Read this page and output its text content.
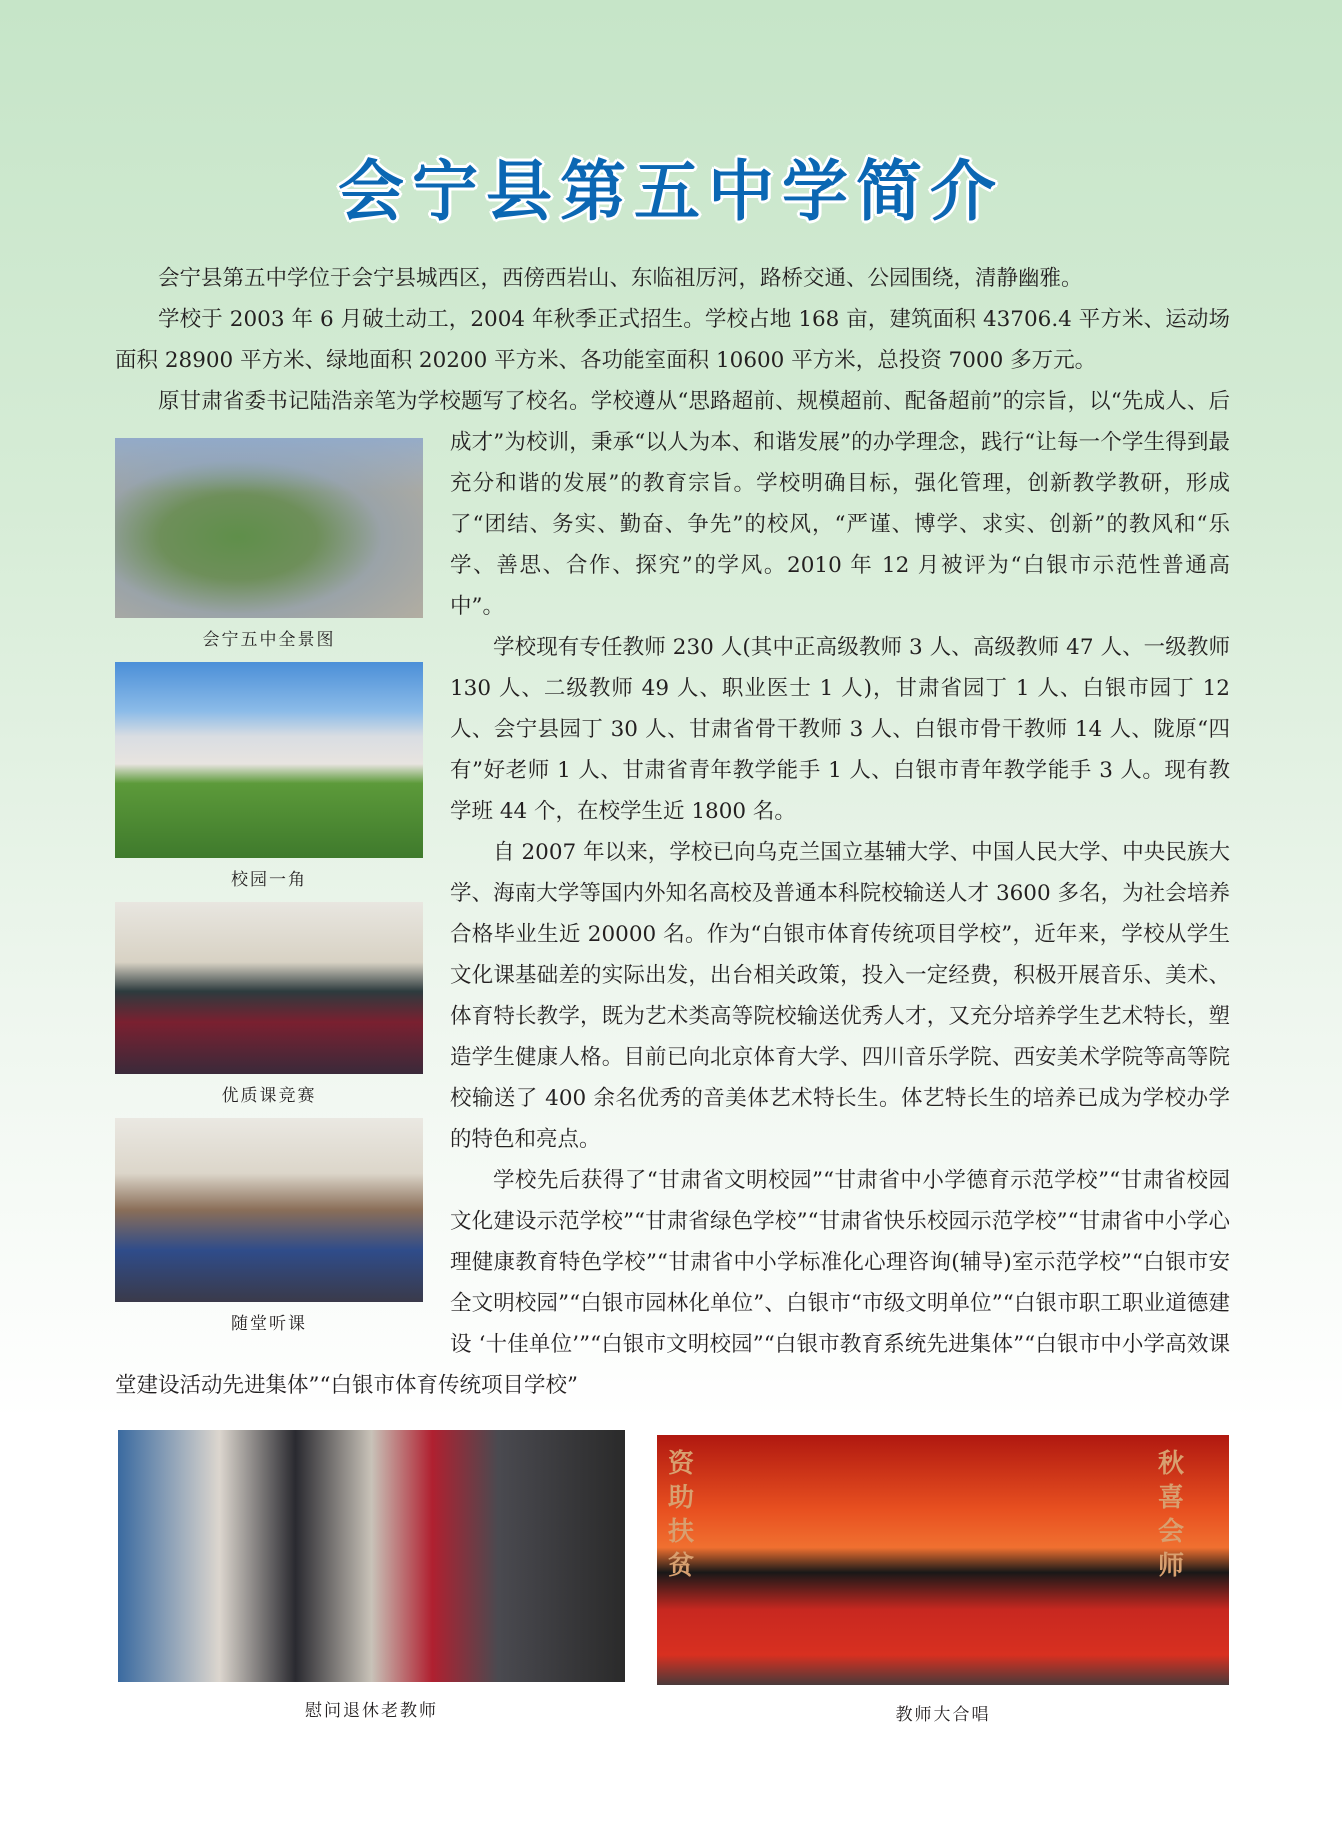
会宁县第五中学简介
会宁五中全景图
校园一角
优质课竞赛
随堂听课

会宁县第五中学位于会宁县城西区，西傍西岩山、东临祖厉河，路桥交通、公园围绕，清静幽雅。

学校于 2003 年 6 月破土动工，2004 年秋季正式招生。学校占地 168 亩，建筑面积 43706.4 平方米、运动场面积 28900 平方米、绿地面积 20200 平方米、各功能室面积 10600 平方米，总投资 7000 多万元。

原甘肃省委书记陆浩亲笔为学校题写了校名。学校遵从“思路超前、规模超前、配备超前”的宗旨，以“先成人、后成才”为校训，秉承“以人为本、和谐发展”的办学理念，践行“让每一个学生得到最充分和谐的发展”的教育宗旨。学校明确目标，强化管理，创新教学教研，形成了“团结、务实、勤奋、争先”的校风，“严谨、博学、求实、创新”的教风和“乐学、善思、合作、探究”的学风。2010 年 12 月被评为“白银市示范性普通高中”。

学校现有专任教师 230 人(其中正高级教师 3 人、高级教师 47 人、一级教师 130 人、二级教师 49 人、职业医士 1 人)，甘肃省园丁 1 人、白银市园丁 12 人、会宁县园丁 30 人、甘肃省骨干教师 3 人、白银市骨干教师 14 人、陇原“四有”好老师 1 人、甘肃省青年教学能手 1 人、白银市青年教学能手 3 人。现有教学班 44 个，在校学生近 1800 名。

自 2007 年以来，学校已向乌克兰国立基辅大学、中国人民大学、中央民族大学、海南大学等国内外知名高校及普通本科院校输送人才 3600 多名，为社会培养合格毕业生近 20000 名。作为“白银市体育传统项目学校”，近年来，学校从学生文化课基础差的实际出发，出台相关政策，投入一定经费，积极开展音乐、美术、体育特长教学，既为艺术类高等院校输送优秀人才，又充分培养学生艺术特长，塑造学生健康人格。目前已向北京体育大学、四川音乐学院、西安美术学院等高等院校输送了 400 余名优秀的音美体艺术特长生。体艺特长生的培养已成为学校办学的特色和亮点。

学校先后获得了“甘肃省文明校园”“甘肃省中小学德育示范学校”“甘肃省校园文化建设示范学校”“甘肃省绿色学校”“甘肃省快乐校园示范学校”“甘肃省中小学心理健康教育特色学校”“甘肃省中小学标准化心理咨询(辅导)室示范学校”“白银市安全文明校园”“白银市园林化单位”、白银市“市级文明单位”“白银市职工职业道德建设 ‘十佳单位’”“白银市文明校园”“白银市教育系统先进集体”“白银市中小学高效课堂建设活动先进集体”“白银市体育传统项目学校”

慰问退休老教师
资助扶贫
秋喜会师
教师大合唱
